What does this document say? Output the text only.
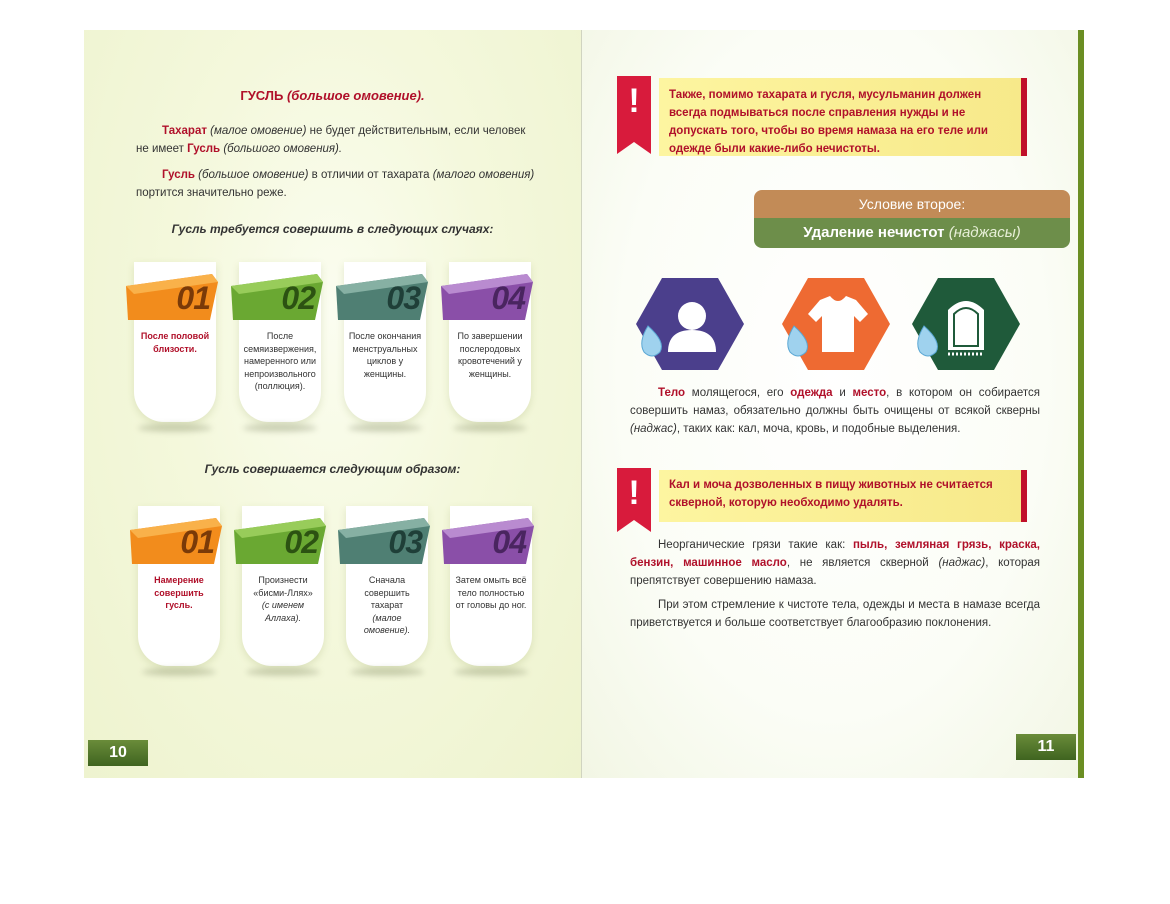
ГУСЛЬ (большое омовение).
Тахарат (малое омовение) не будет действительным, если человек не имеет Гусль (большого омовения).
Гусль (большое омовение) в отличии от тахарата (малого омовения) портится значительно реже.
Гусль требуется совершить в следующих случаях:
01
После половой близости.
02
После семяизвержения, намеренного или непроизвольного (поллюция).
03
После окончания менструальных циклов у женщины.
04
По завершении послеродовых кровотечений у женщины.
Гусль совершается следующим образом:
01
Намерение совершить гусль.
02
Произнести «бисми-Ллях»
(с именем Аллаха).
03
Сначала совершить тахарат
(малое омовение).
04
Затем омыть всё тело полностью от головы до ног.
10
!	Также, помимо тахарата и гусля, мусульманин должен всегда подмываться после справления нужды и не допускать того, чтобы во время намаза на его теле или одежде были какие-либо нечистоты.
Условие второе:
Удаление нечистот (наджасы)
Тело молящегося, его одежда и место, в котором он собирается совершить намаз, обязательно должны быть очищены от всякой скверны (наджас), таких как: кал, моча, кровь, и подобные выделения.
!	Кал и моча дозволенных в пищу животных не считается скверной, которую необходимо удалять.
Неорганические грязи такие как: пыль, земляная грязь, краска, бензин, машинное масло, не является скверной (наджас), которая препятствует совершению намаза.
При этом стремление к чистоте тела, одежды и места в намазе всегда приветствуется и больше соответствует благообразию поклонения.
11
